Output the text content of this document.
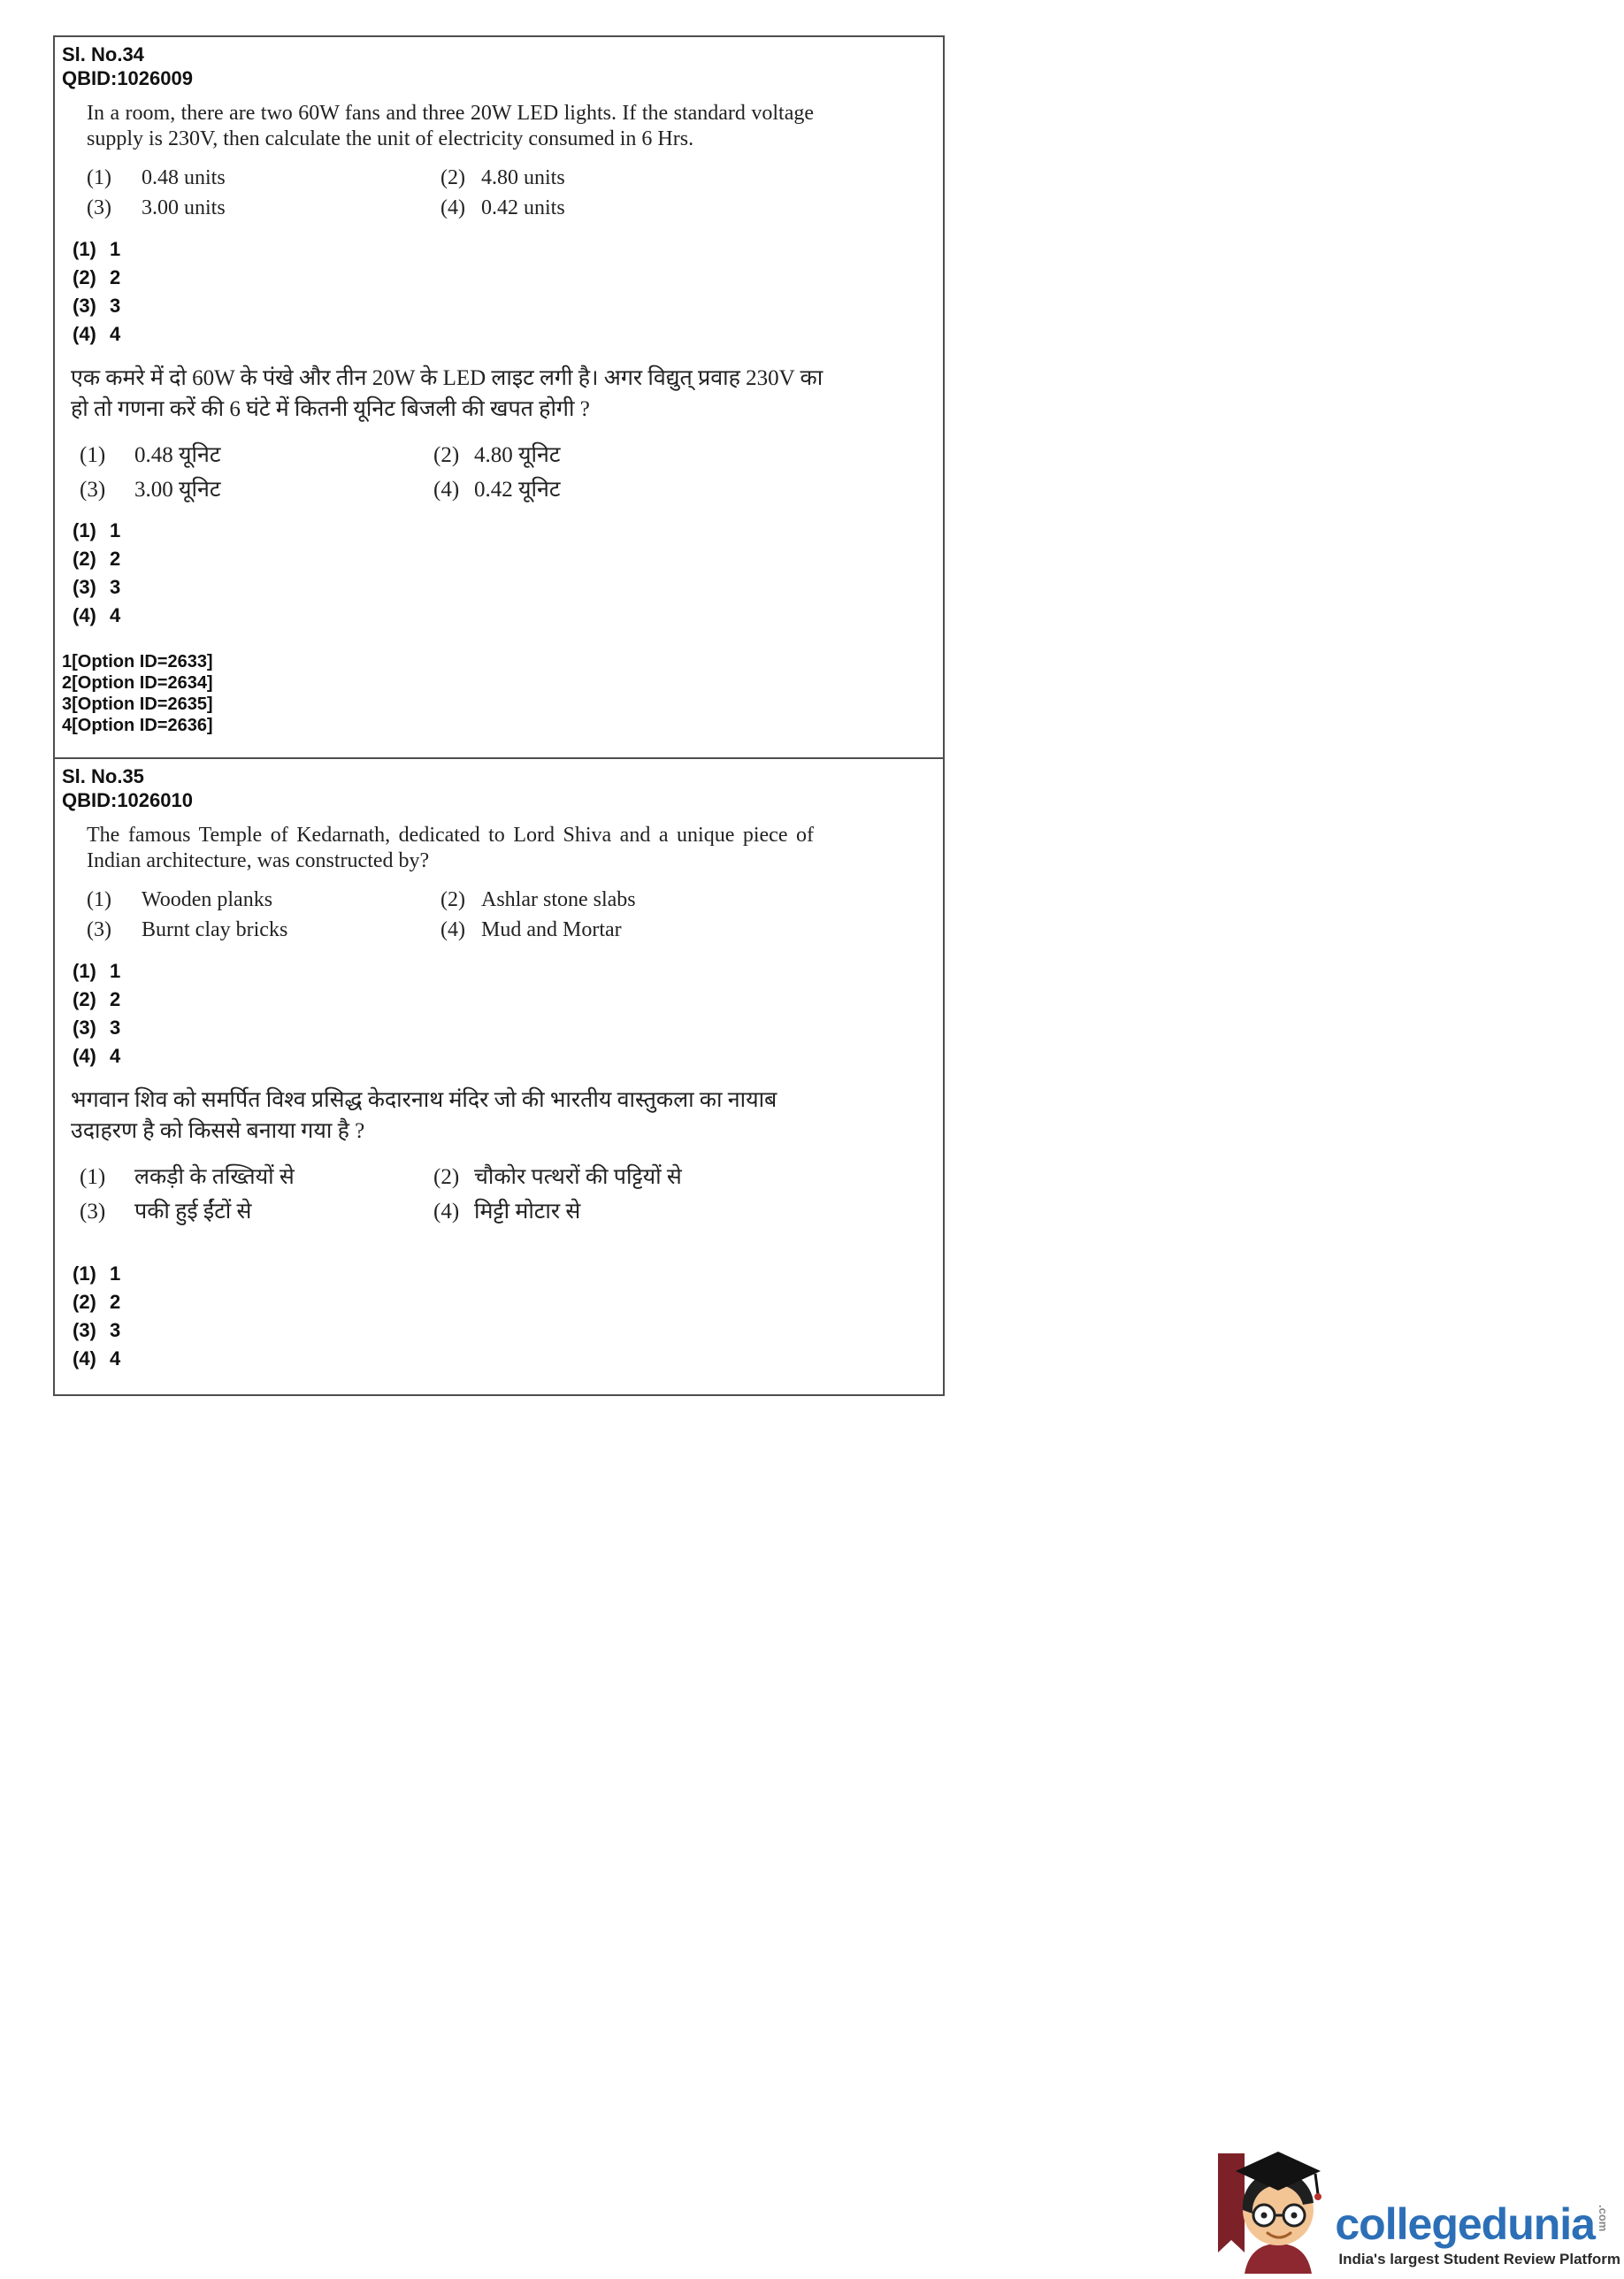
Sl. No.34
QBID:1026009
In a room, there are two 60W fans and three 20W LED lights. If the standard voltage supply is 230V, then calculate the unit of electricity consumed in 6 Hrs.
(1)	0.48 units	(2) 4.80 units
(3)	3.00 units	(4) 0.42 units
(1) 1
(2) 2
(3) 3
(4) 4
एक कमरे में दो 60W के पंखे और तीन 20W के LED लाइट लगी है। अगर विद्युत् प्रवाह 230V का हो तो गणना करें की 6 घंटे में कितनी यूनिट बिजली की खपत होगी ?
(1)	0.48 यूनिट	(2) 4.80 यूनिट
(3)	3.00 यूनिट	(4) 0.42 यूनिट
(1) 1
(2) 2
(3) 3
(4) 4
1[Option ID=2633]
2[Option ID=2634]
3[Option ID=2635]
4[Option ID=2636]
Sl. No.35
QBID:1026010
The famous Temple of Kedarnath, dedicated to Lord Shiva and a unique piece of Indian architecture, was constructed by?
(1)	Wooden planks	(2) Ashlar stone slabs
(3)	Burnt clay bricks	(4) Mud and Mortar
(1) 1
(2) 2
(3) 3
(4) 4
भगवान शिव को समर्पित विश्व प्रसिद्ध केदारनाथ मंदिर जो की भारतीय वास्तुकला का नायाब उदाहरण है को किससे बनाया गया है ?
(1)	लकड़ी के तख्तियों से	(2) चौकोर पत्थरों की पट्टियों से
(3)	पकी हुई ईंटों से	(4) मिट्टी मोटार से
(1) 1
(2) 2
(3) 3
(4) 4
collegedunia .com
India's largest Student Review Platform
